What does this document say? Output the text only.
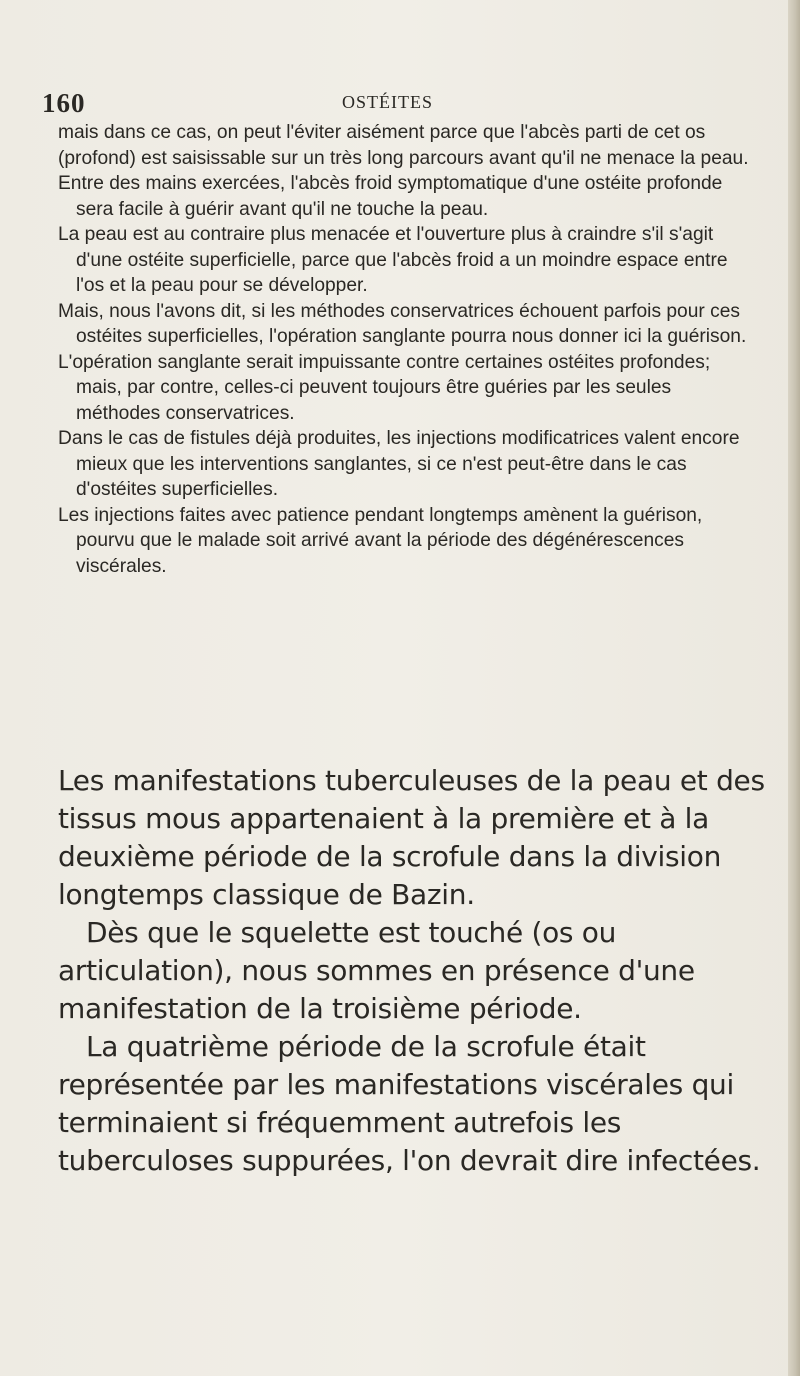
160	OSTÉITES

mais dans ce cas, on peut l'éviter aisément parce que l'abcès parti de cet os (profond) est saisissable sur un très long parcours avant qu'il ne menace la peau.

Entre des mains exercées, l'abcès froid symptomatique d'une ostéite profonde sera facile à guérir avant qu'il ne touche la peau.

La peau est au contraire plus menacée et l'ouverture plus à craindre s'il s'agit d'une ostéite superficielle, parce que l'abcès froid a un moindre espace entre l'os et la peau pour se développer.

Mais, nous l'avons dit, si les méthodes conservatrices échouent parfois pour ces ostéites superficielles, l'opération sanglante pourra nous donner ici la guérison.

L'opération sanglante serait impuissante contre certaines ostéites profondes; mais, par contre, celles-ci peuvent toujours être guéries par les seules méthodes conservatrices.

Dans le cas de fistules déjà produites, les injections modificatrices valent encore mieux que les interventions sanglantes, si ce n'est peut-être dans le cas d'ostéites superficielles.

Les injections faites avec patience pendant longtemps amènent la guérison, pourvu que le malade soit arrivé avant la période des dégénérescences viscérales.

Les manifestations tuberculeuses de la peau et des tissus mous appartenaient à la première et à la deuxième période de la scrofule dans la division longtemps classique de Bazin.

Dès que le squelette est touché (os ou articulation), nous sommes en présence d'une manifestation de la troisième période.

La quatrième période de la scrofule était représentée par les manifestations viscérales qui terminaient si fréquemment autrefois les tuberculoses suppurées, l'on devrait dire infectées.
